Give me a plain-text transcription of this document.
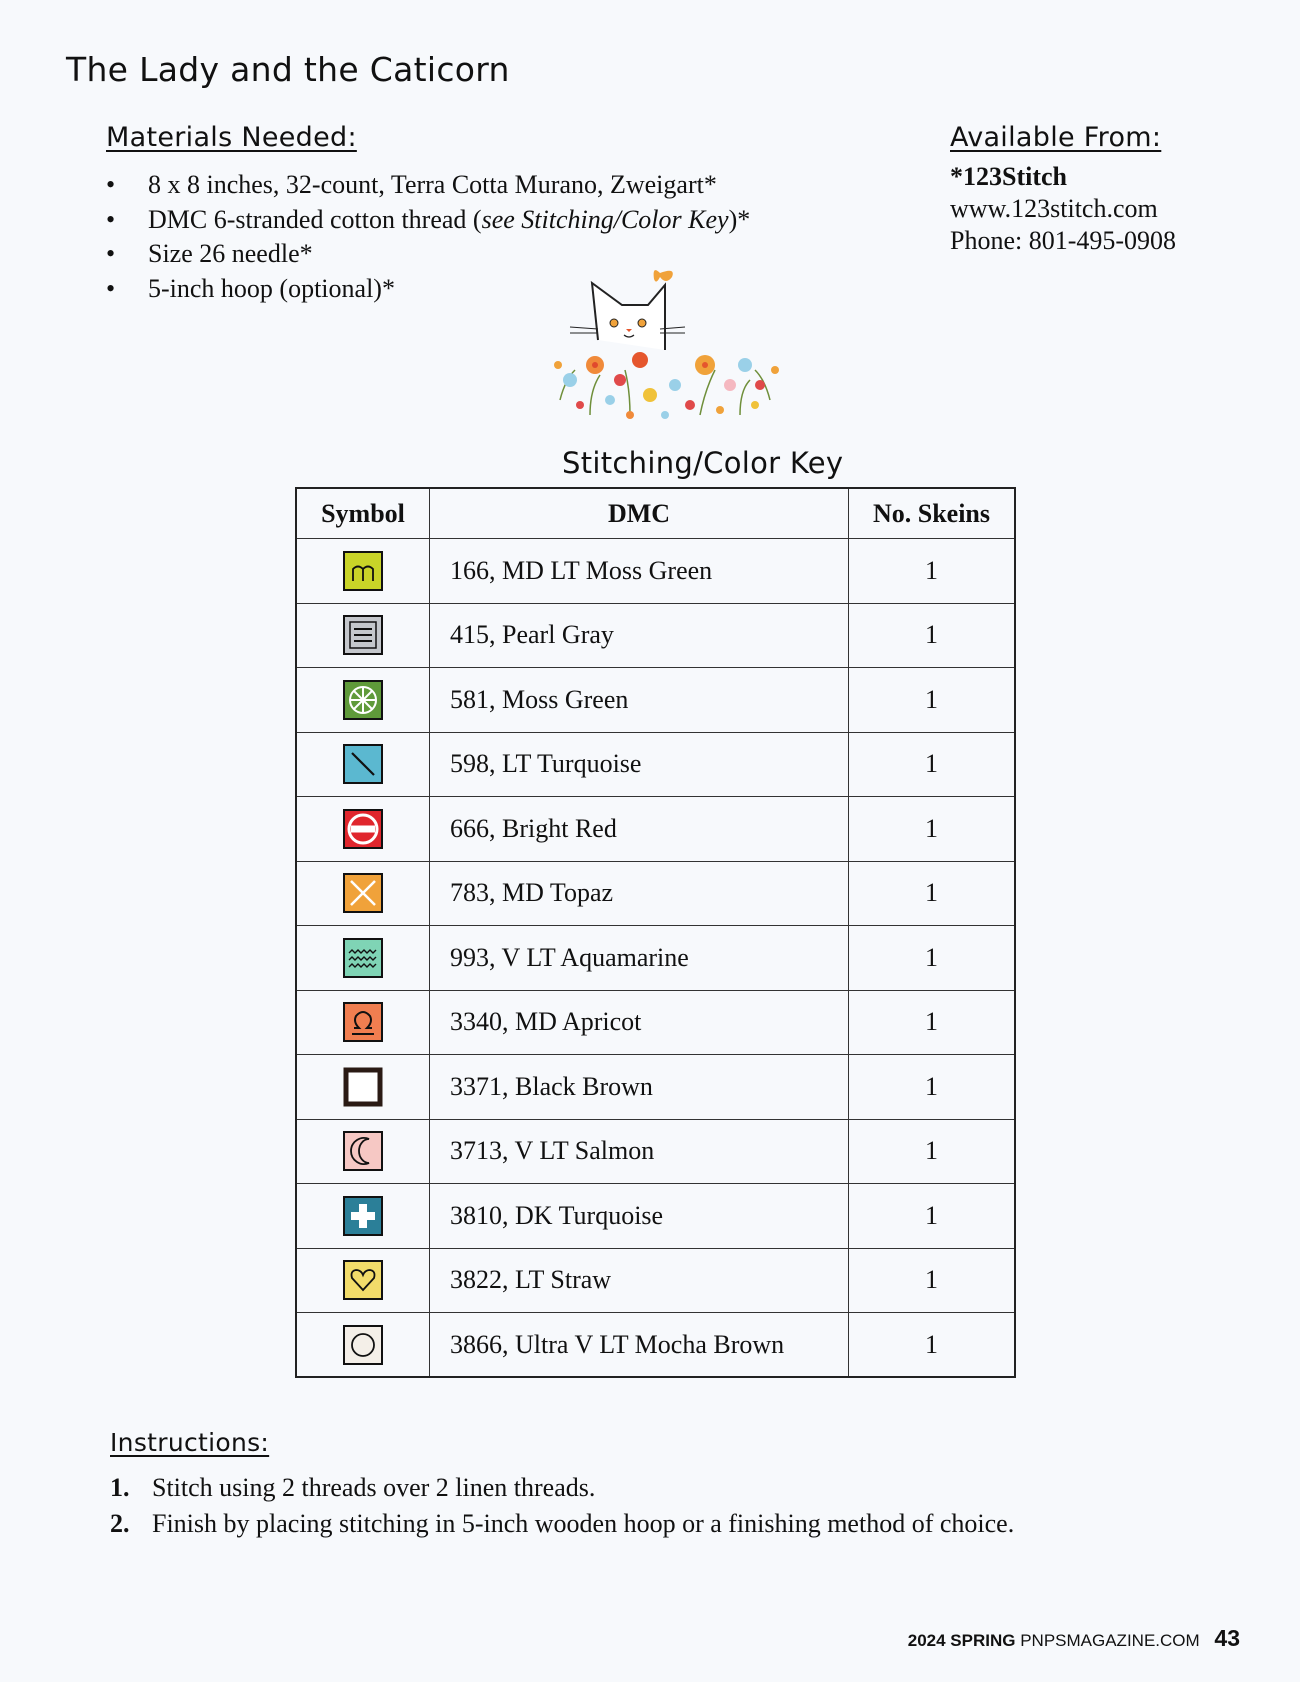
The Lady and the Caticorn
Materials Needed:
• 8 x 8 inches, 32-count, Terra Cotta Murano, Zweigart*
• DMC 6-stranded cotton thread (see Stitching/Color Key)*
• Size 26 needle*
• 5-inch hoop (optional)*
Available From:
*123Stitch
www.123stitch.com
Phone: 801-495-0908
Stitching/Color Key
Symbol	DMC	No. Skeins

	166, MD LT Moss Green	1

	415, Pearl Gray	1

	581, Moss Green	1

	598, LT Turquoise	1

	666, Bright Red	1

	783, MD Topaz	1

	993, V LT Aquamarine	1

	3340, MD Apricot	1

	3371, Black Brown	1

	3713, V LT Salmon	1

	3810, DK Turquoise	1

	3822, LT Straw	1

	3866, Ultra V LT Mocha Brown	1
Instructions:
1. Stitch using 2 threads over 2 linen threads.
2. Finish by placing stitching in 5-inch wooden hoop or a finishing method of choice.
2024 SPRING PNPSMAGAZINE.COM 43
